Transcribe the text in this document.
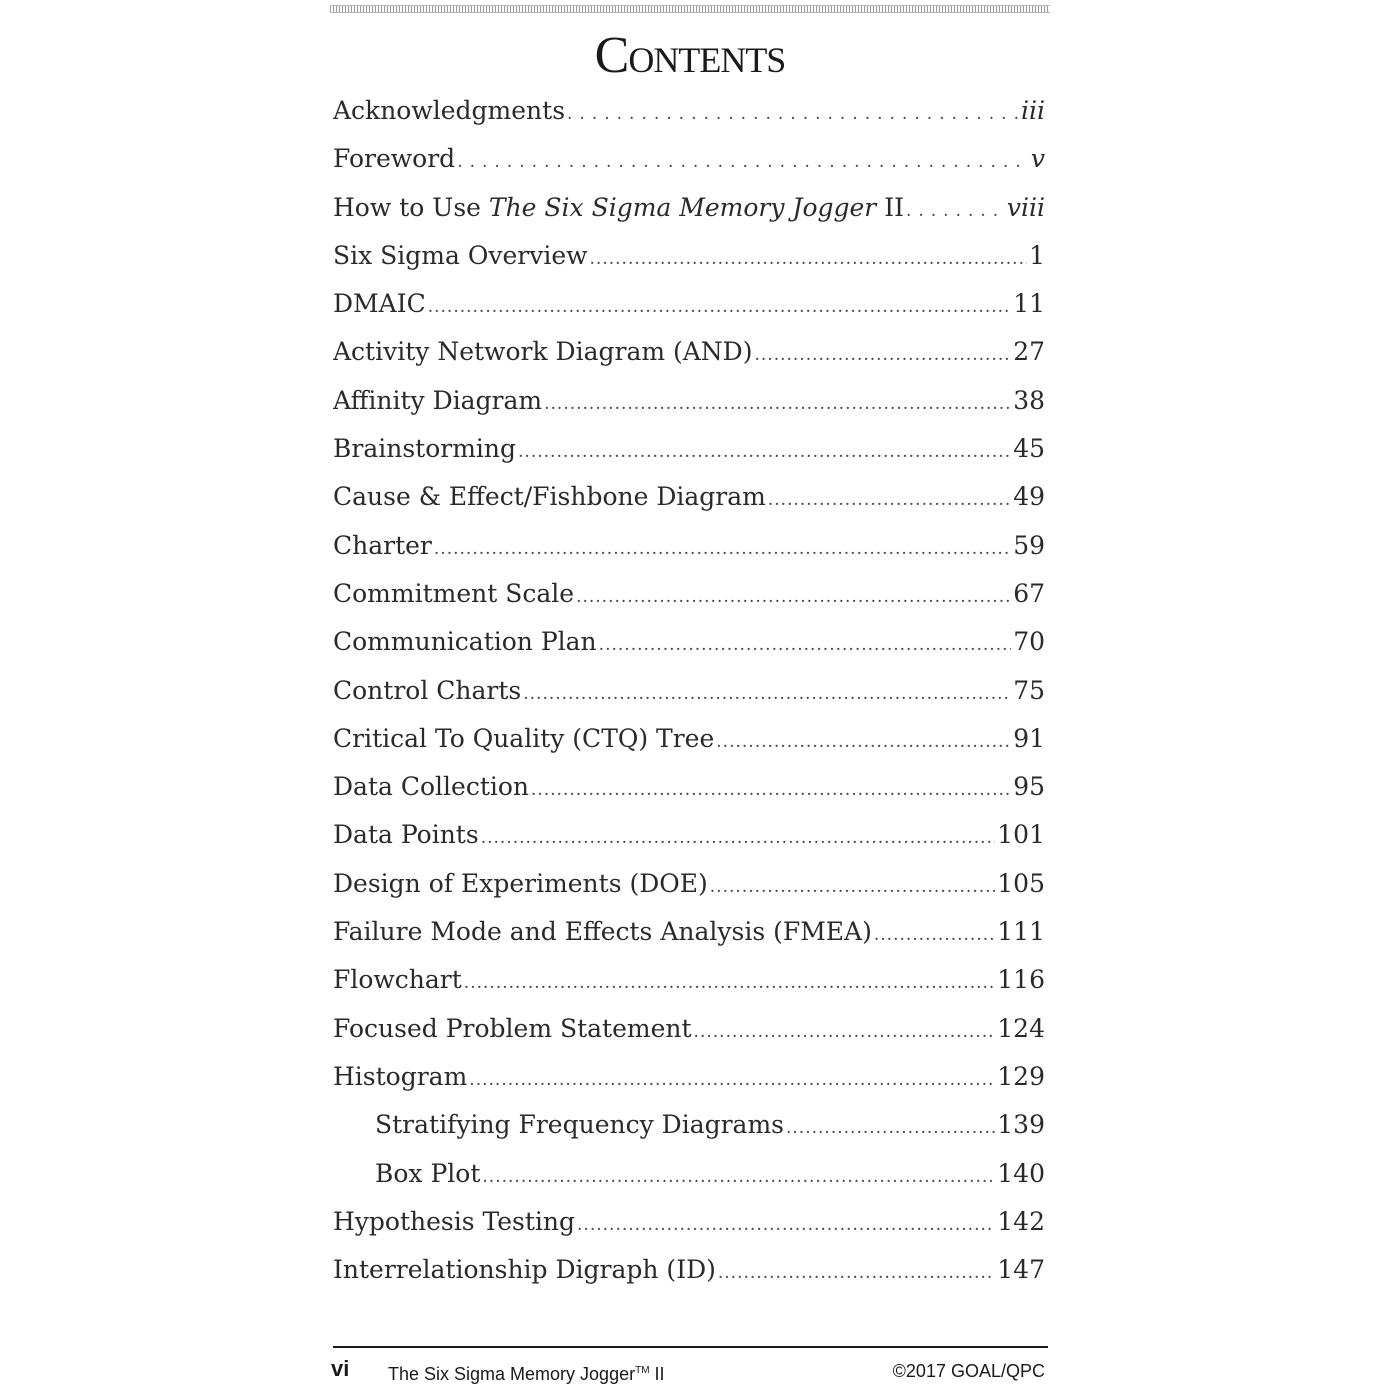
Contents
Acknowledgments .....	iii
Foreword .....	v
How to Use The Six Sigma Memory Jogger II .....	viii
Six Sigma Overview .....	1
DMAIC .....	11
Activity Network Diagram (AND) .....	27
Affinity Diagram .....	38
Brainstorming .....	45
Cause & Effect/Fishbone Diagram .....	49
Charter .....	59
Commitment Scale .....	67
Communication Plan .....	70
Control Charts .....	75
Critical To Quality (CTQ) Tree .....	91
Data Collection .....	95
Data Points .....	101
Design of Experiments (DOE) .....	105
Failure Mode and Effects Analysis (FMEA) .....	111
Flowchart .....	116
Focused Problem Statement .....	124
Histogram .....	129
Stratifying Frequency Diagrams .....	139
Box Plot .....	140
Hypothesis Testing .....	142
Interrelationship Digraph (ID) .....	147
vi The Six Sigma Memory Jogger™ II	©2017 GOAL/QPC
